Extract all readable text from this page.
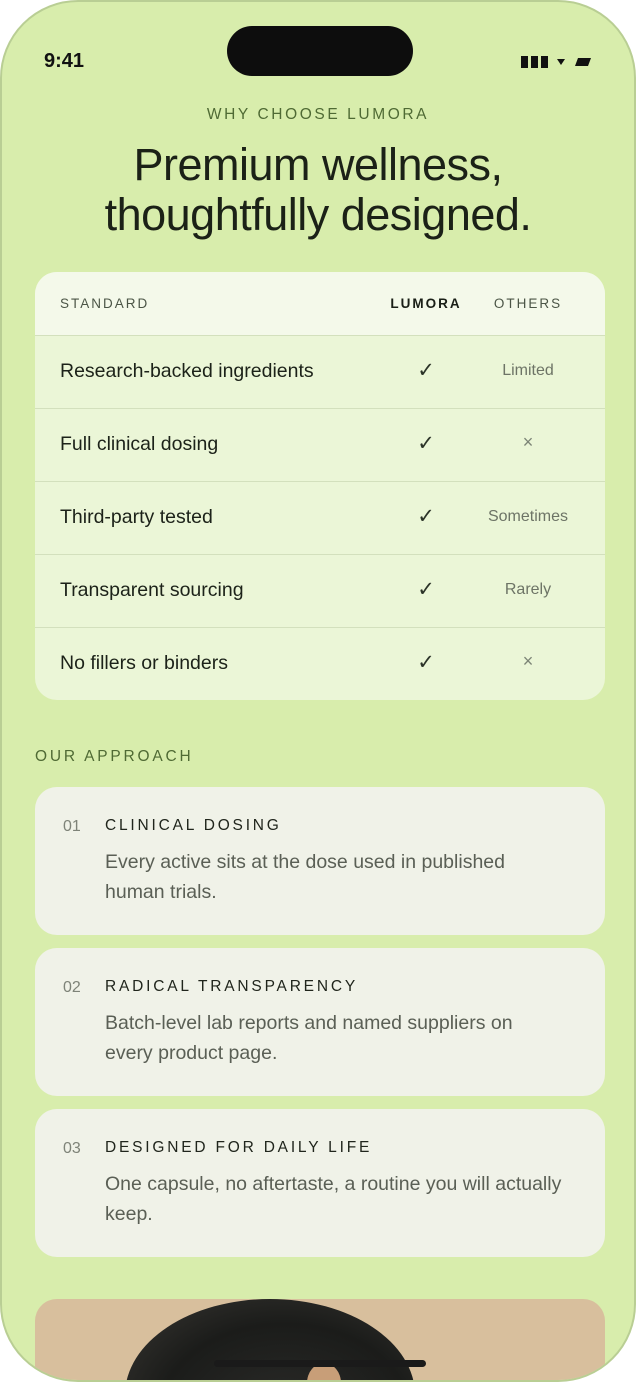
9:41
WHY CHOOSE LUMORA
Premium wellness,
thoughtfully designed.
STANDARD	LUMORA	OTHERS
Research-backed ingredients	✓	Limited
Full clinical dosing	✓	×
Third-party tested	✓	Sometimes
Transparent sourcing	✓	Rarely
No fillers or binders	✓	×
OUR APPROACH
01 CLINICAL DOSING
Every active sits at the dose used in published human trials.
02 RADICAL TRANSPARENCY
Batch-level lab reports and named suppliers on every product page.
03 DESIGNED FOR DAILY LIFE
One capsule, no aftertaste, a routine you will actually keep.
